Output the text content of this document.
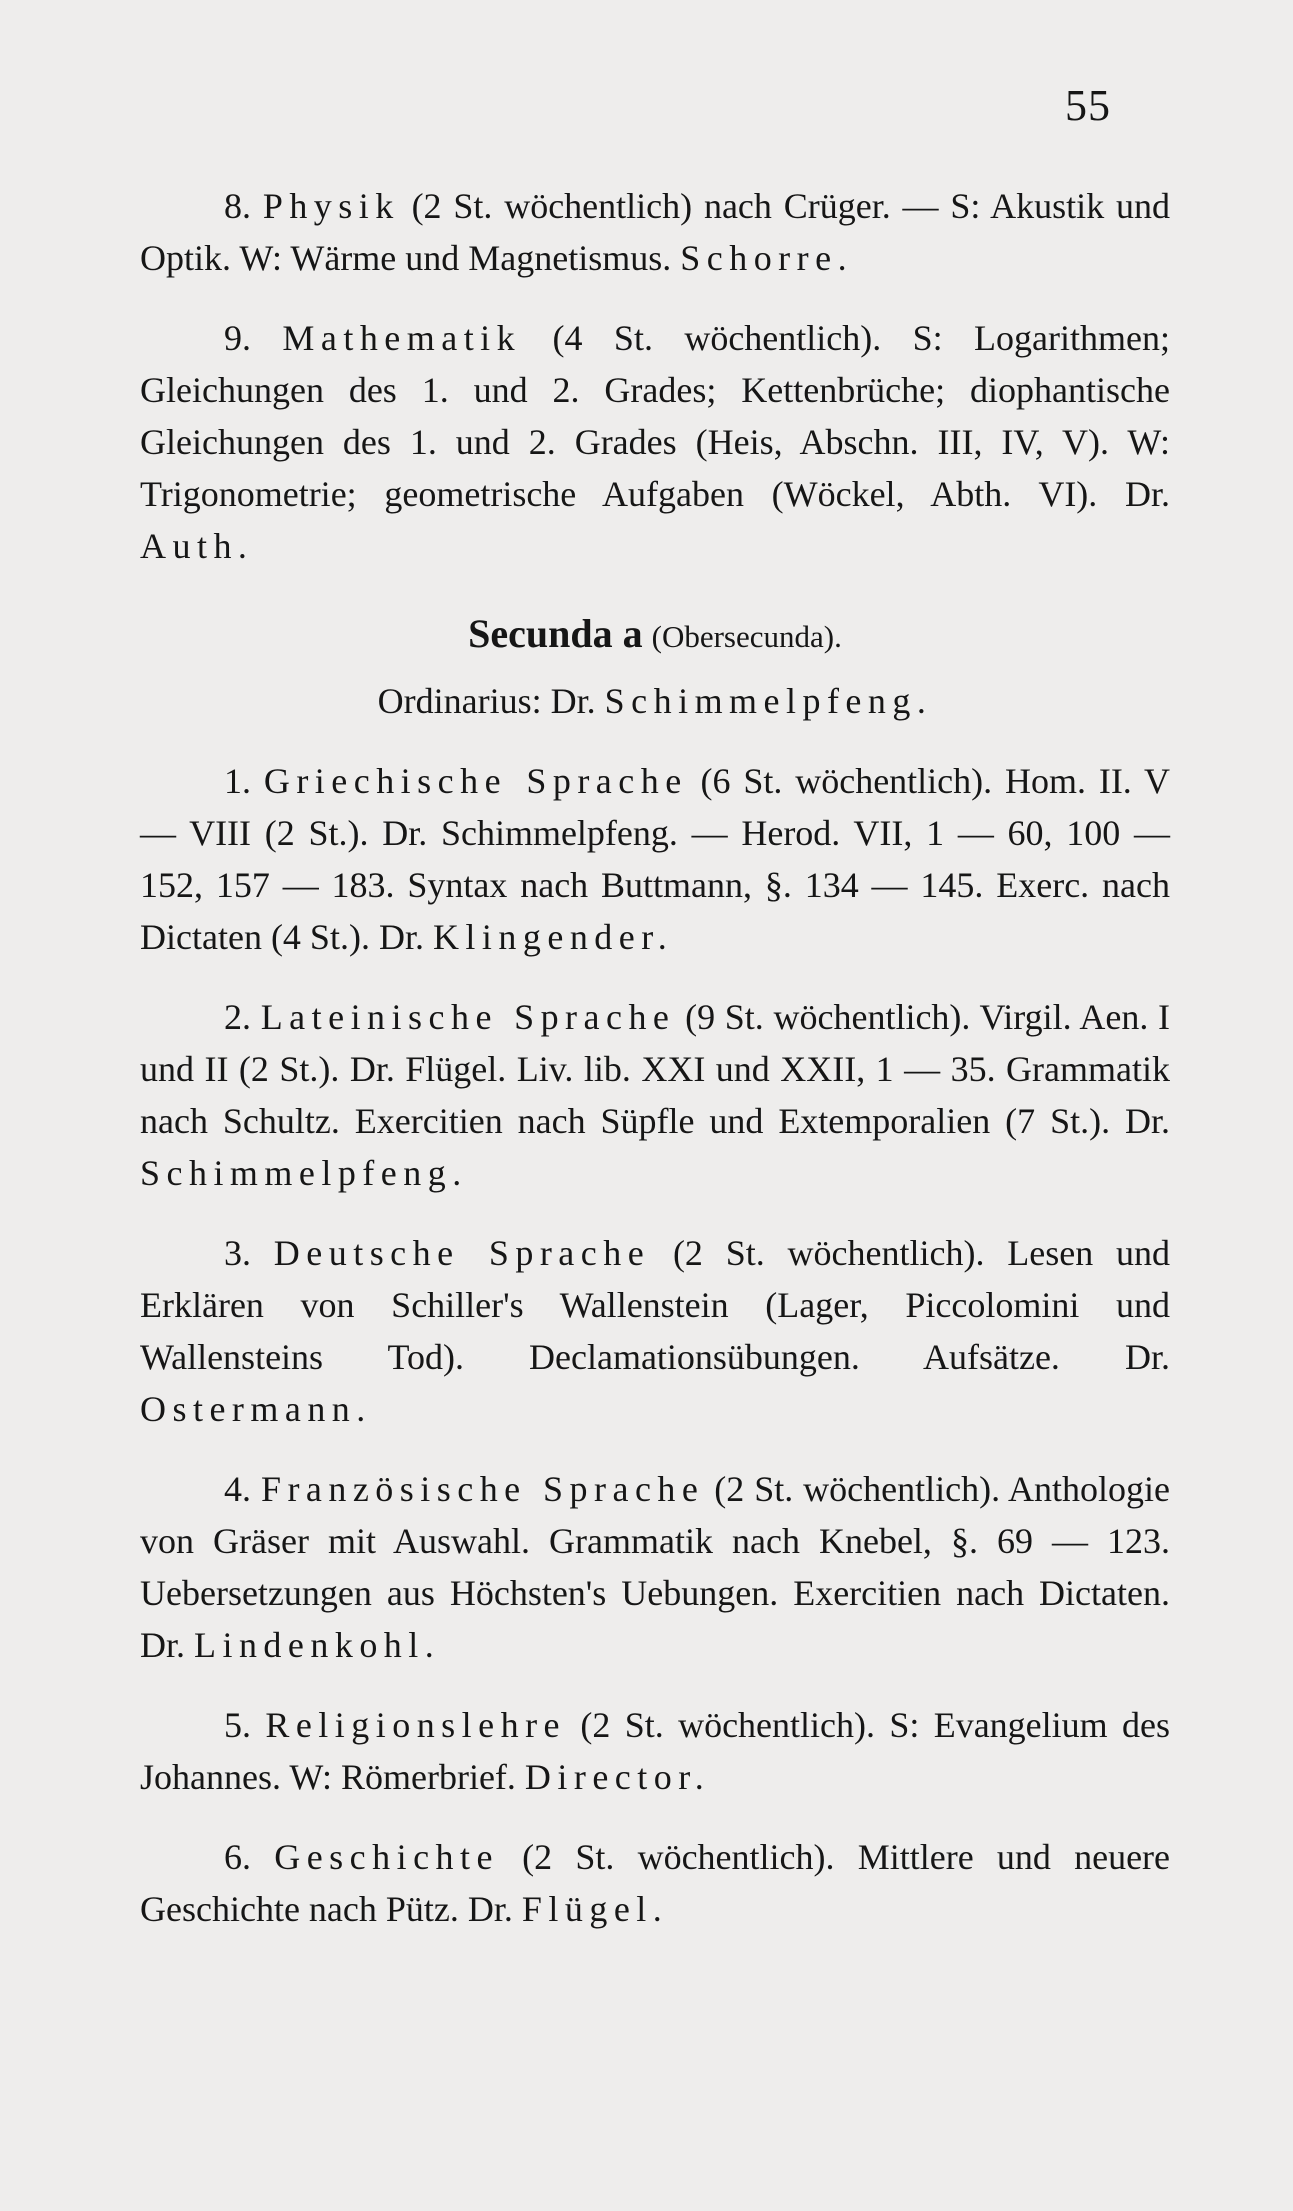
55

8. Physik (2 St. wöchentlich) nach Crüger. — S: Akustik und Optik. W: Wärme und Magnetismus. Schorre.

9. Mathematik (4 St. wöchentlich). S: Logarithmen; Gleichungen des 1. und 2. Grades; Kettenbrüche; diophantische Gleichungen des 1. und 2. Grades (Heis, Abschn. III, IV, V). W: Trigonometrie; geometrische Aufgaben (Wöckel, Abth. VI). Dr. Auth.

Secunda a (Obersecunda).
Ordinarius: Dr. Schimmelpfeng.

1. Griechische Sprache (6 St. wöchentlich). Hom. II. V — VIII (2 St.). Dr. Schimmelpfeng. — Herod. VII, 1 — 60, 100 — 152, 157 — 183. Syntax nach Buttmann, §. 134 — 145. Exerc. nach Dictaten (4 St.). Dr. Klingender.

2. Lateinische Sprache (9 St. wöchentlich). Virgil. Aen. I und II (2 St.). Dr. Flügel. Liv. lib. XXI und XXII, 1 — 35. Grammatik nach Schultz. Exercitien nach Süpfle und Extemporalien (7 St.). Dr. Schimmelpfeng.

3. Deutsche Sprache (2 St. wöchentlich). Lesen und Erklären von Schiller's Wallenstein (Lager, Piccolomini und Wallensteins Tod). Declamationsübungen. Aufsätze. Dr. Ostermann.

4. Französische Sprache (2 St. wöchentlich). Anthologie von Gräser mit Auswahl. Grammatik nach Knebel, §. 69 — 123. Uebersetzungen aus Höchsten's Uebungen. Exercitien nach Dictaten. Dr. Lindenkohl.

5. Religionslehre (2 St. wöchentlich). S: Evangelium des Johannes. W: Römerbrief. Director.

6. Geschichte (2 St. wöchentlich). Mittlere und neuere Geschichte nach Pütz. Dr. Flügel.
